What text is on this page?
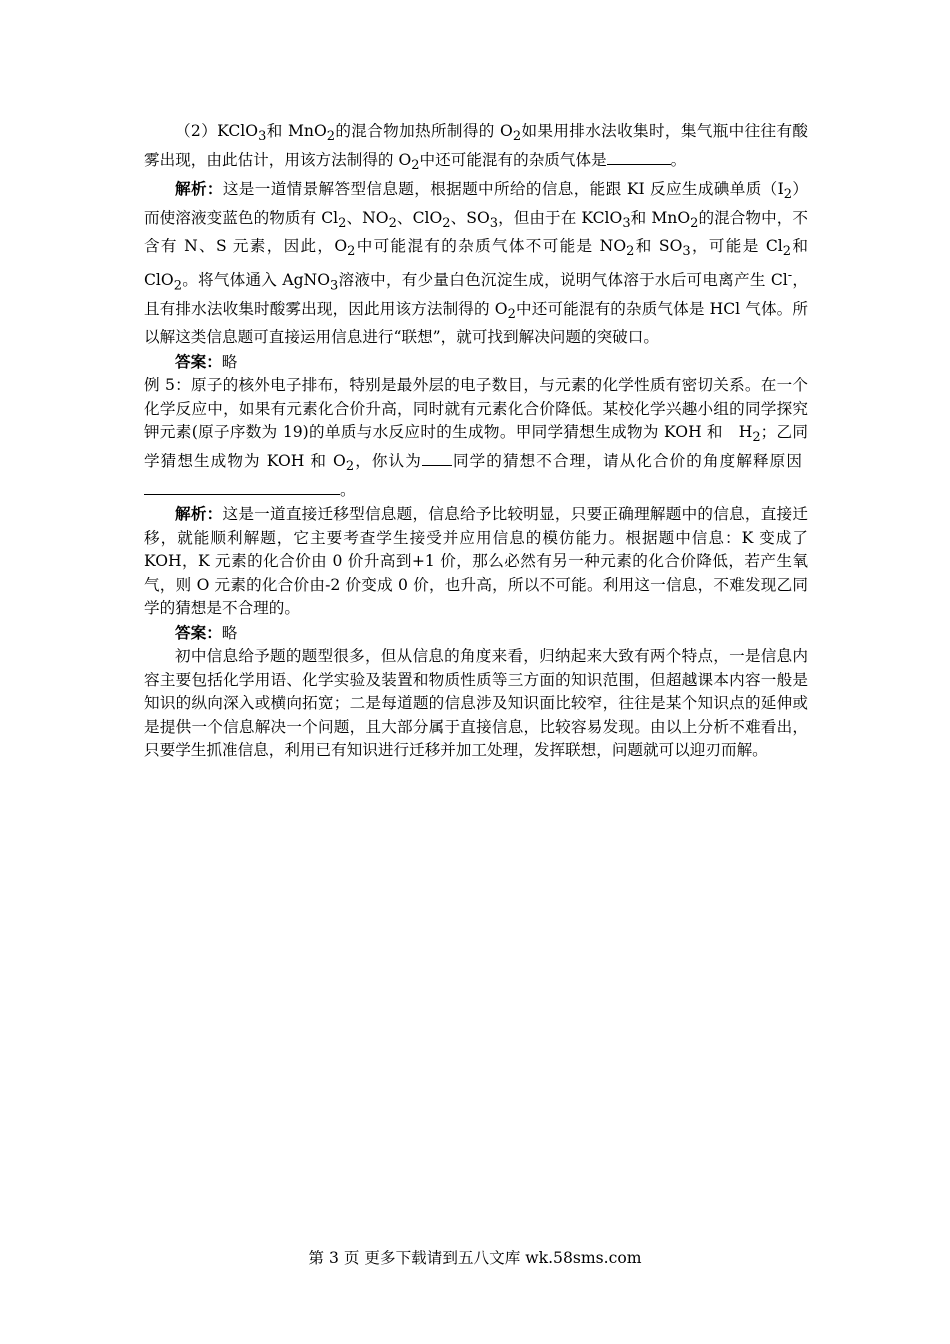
（2）KClO$_3$和 MnO$_2$的混合物加热所制得的 $O_2$如果用排水法收集时，集气瓶中往往有酸雾出现，由此估计，用该方法制得的 $O_2$中还可能混有的杂质气体是	。

解析：这是一道情景解答型信息题，根据题中所给的信息，能跟 KI 反应生成碘单质$(I_2)$而使溶液变蓝色的物质有 $Cl_2$、$NO_2$、ClO$_2$、$SO_3$，但由于在 KClO$_3$和 MnO$_2$的混合物中，不含有 N、S 元素，因此，$O_2$中可能混有的杂质气体不可能是 $NO_2$和 $SO_3$，可能是 $Cl_2$和 ClO$_2$。将气体通入 AgNO$_3$溶液中，有少量白色沉淀生成，说明气体溶于水后可电离产生 Cl-，且有排水法收集时酸雾出现，因此用该方法制得的 $O_2$中还可能混有的杂质气体是 HCl 气体。所以解这类信息题可直接运用信息进行“联想”，就可找到解决问题的突破口。

答案：略

例 5：原子的核外电子排布，特别是最外层的电子数目，与元素的化学性质有密切关系。在一个化学反应中，如果有元素化合价升高，同时就有元素化合价降低。某校化学兴趣小组的同学探究钾元素(原子序数为 19)的单质与水反应时的生成物。甲同学猜想生成物为 KOH 和　$H_2$；乙同学猜想生成物为 KOH 和 $O_2$，你认为 同学的猜想不合理，请从化合价的角度解释原因 。

解析：这是一道直接迁移型信息题，信息给予比较明显，只要正确理解题中的信息，直接迁移，就能顺利解题，它主要考查学生接受并应用信息的模仿能力。根据题中信息：K 变成了 KOH，K 元素的化合价由 0 价升高到+1 价，那么必然有另一种元素的化合价降低，若产生氧气，则 O 元素的化合价由-2 价变成 0 价，也升高，所以不可能。利用这一信息，不难发现乙同学的猜想是不合理的。

答案：略

初中信息给予题的题型很多，但从信息的角度来看，归纳起来大致有两个特点，一是信息内容主要包括化学用语、化学实验及装置和物质性质等三方面的知识范围，但超越课本内容一般是知识的纵向深入或横向拓宽；二是每道题的信息涉及知识面比较窄，往往是某个知识点的延伸或是提供一个信息解决一个问题，且大部分属于直接信息，比较容易发现。由以上分析不难看出，只要学生抓准信息，利用已有知识进行迁移并加工处理，发挥联想，问题就可以迎刃而解。

第 3 页 更多下载请到五八文库 wk.58sms.com
